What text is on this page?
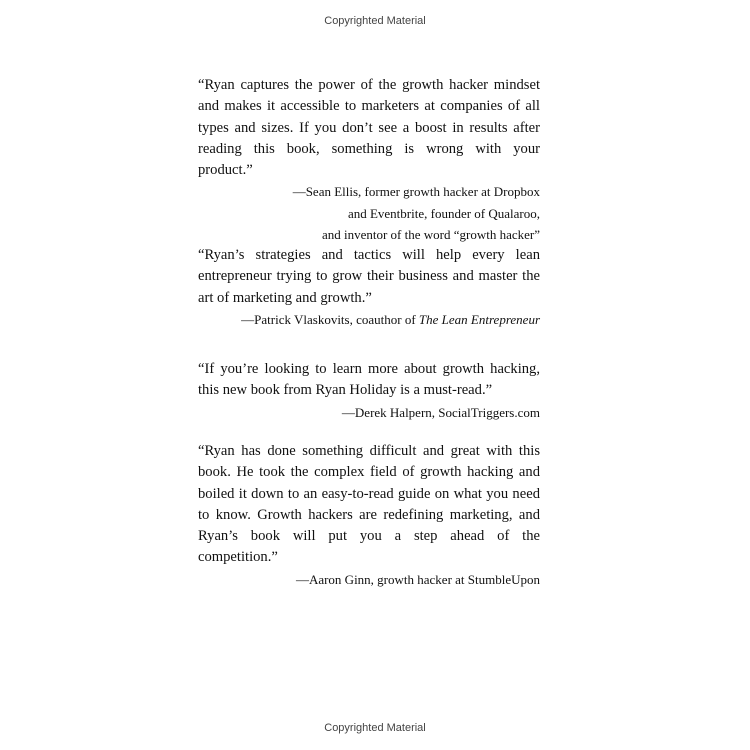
Copyrighted Material

“Ryan captures the power of the growth hacker mindset and makes it accessible to marketers at companies of all types and sizes. If you don’t see a boost in results after reading this book, something is wrong with your product.”

—Sean Ellis, former growth hacker at Dropbox
and Eventbrite, founder of Qualaroo,
and inventor of the word “growth hacker”

“Ryan’s strategies and tactics will help every lean entrepreneur trying to grow their business and master the art of marketing and growth.”

—Patrick Vlaskovits, coauthor of The Lean Entrepreneur

“If you’re looking to learn more about growth hacking, this new book from Ryan Holiday is a must-read.”

—Derek Halpern, SocialTriggers.com

“Ryan has done something difficult and great with this book. He took the complex field of growth hacking and boiled it down to an easy-to-read guide on what you need to know. Growth hackers are redefining marketing, and Ryan’s book will put you a step ahead of the competition.”

—Aaron Ginn, growth hacker at StumbleUpon
Copyrighted Material
